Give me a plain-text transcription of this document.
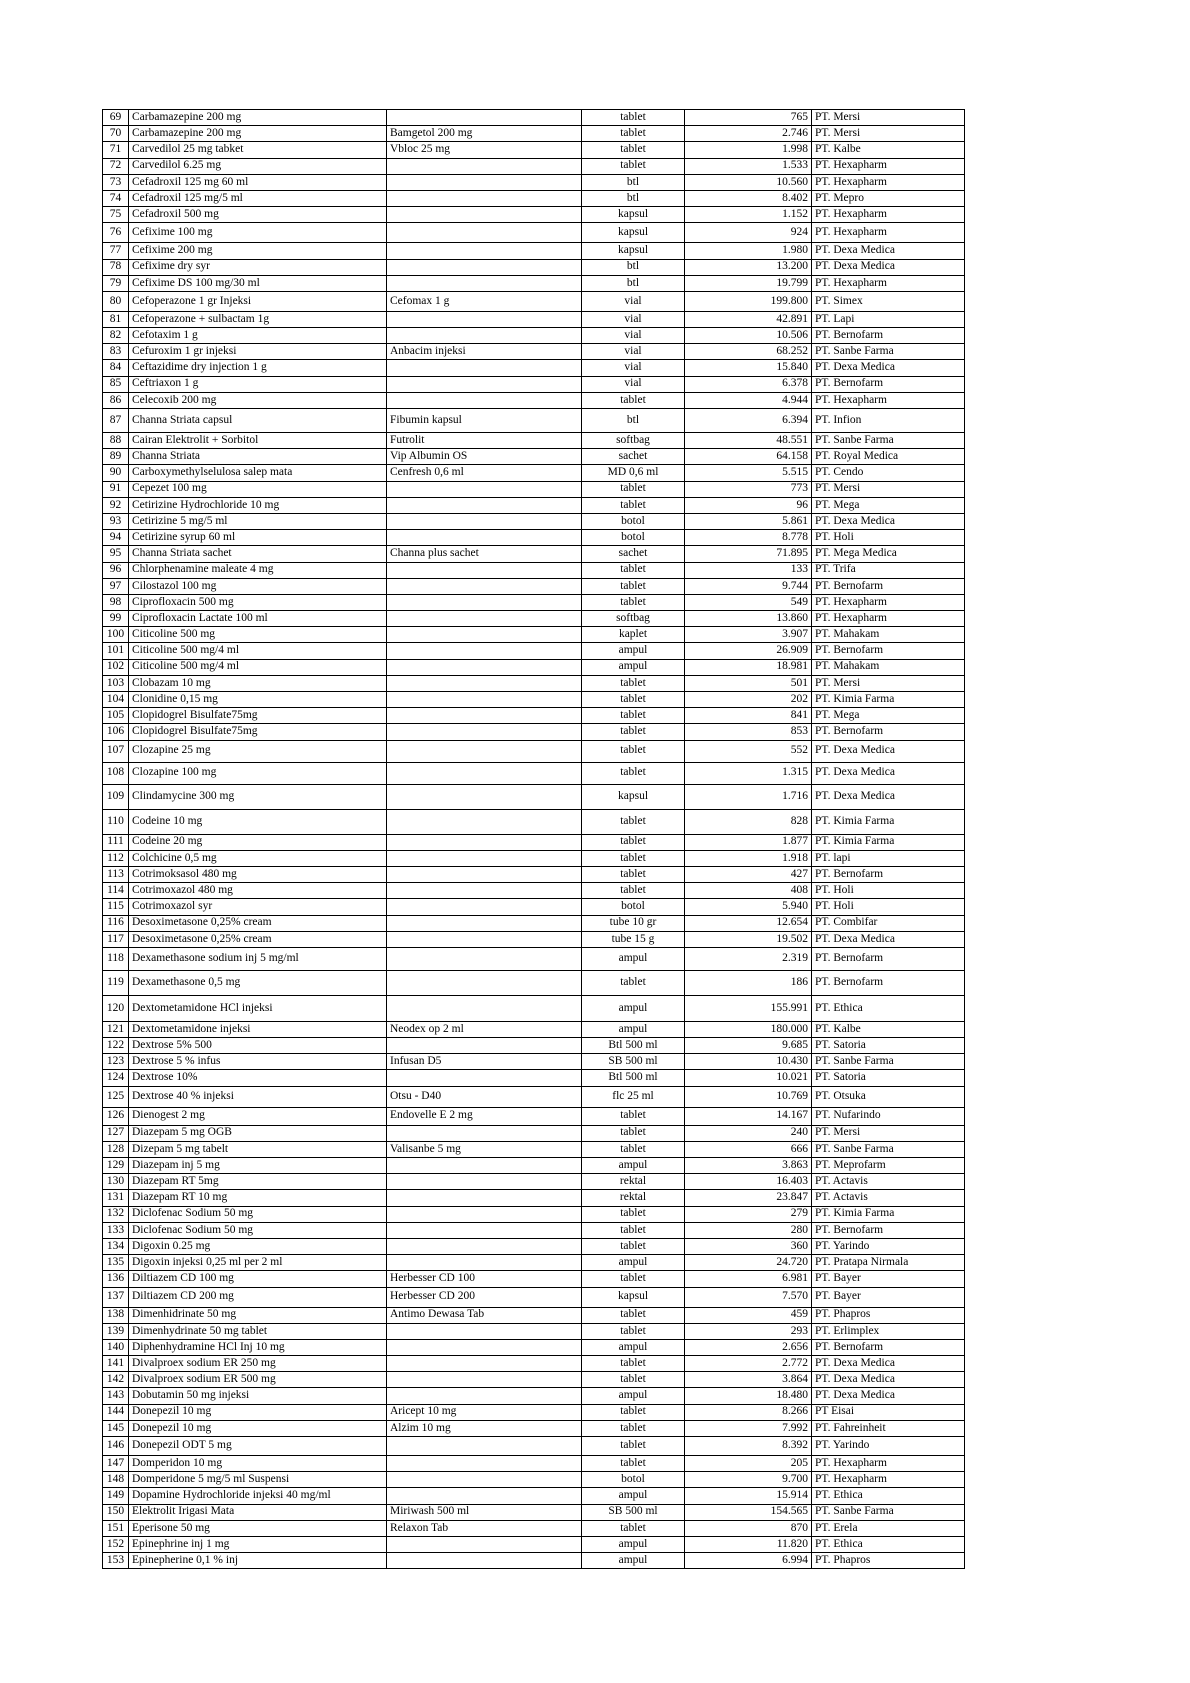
69	Carbamazepine 200 mg		tablet	765	PT. Mersi
70	Carbamazepine 200 mg	Bamgetol 200 mg	tablet	2.746	PT. Mersi
71	Carvedilol 25 mg tabket	Vbloc 25 mg	tablet	1.998	PT. Kalbe
72	Carvedilol 6.25 mg		tablet	1.533	PT. Hexapharm
73	Cefadroxil 125 mg 60 ml		btl	10.560	PT. Hexapharm
74	Cefadroxil 125 mg/5 ml		btl	8.402	PT. Mepro
75	Cefadroxil 500 mg		kapsul	1.152	PT. Hexapharm
76	Cefixime 100 mg		kapsul	924	PT. Hexapharm
77	Cefixime 200 mg		kapsul	1.980	PT. Dexa Medica
78	Cefixime dry syr		btl	13.200	PT. Dexa Medica
79	Cefixime DS 100 mg/30 ml		btl	19.799	PT. Hexapharm
80	Cefoperazone 1 gr Injeksi	Cefomax 1 g	vial	199.800	PT. Simex
81	Cefoperazone + sulbactam 1g		vial	42.891	PT. Lapi
82	Cefotaxim 1 g		vial	10.506	PT. Bernofarm
83	Cefuroxim 1 gr injeksi	Anbacim injeksi	vial	68.252	PT. Sanbe Farma
84	Ceftazidime dry injection 1 g		vial	15.840	PT. Dexa Medica
85	Ceftriaxon 1 g		vial	6.378	PT. Bernofarm
86	Celecoxib 200 mg		tablet	4.944	PT. Hexapharm
87	Channa Striata capsul	Fibumin kapsul	btl	6.394	PT. Infion
88	Cairan Elektrolit + Sorbitol	Futrolit	softbag	48.551	PT. Sanbe Farma
89	Channa Striata	Vip Albumin OS	sachet	64.158	PT. Royal Medica
90	Carboxymethylselulosa salep mata	Cenfresh 0,6 ml	MD 0,6 ml	5.515	PT. Cendo
91	Cepezet 100 mg		tablet	773	PT. Mersi
92	Cetirizine Hydrochloride 10 mg		tablet	96	PT. Mega
93	Cetirizine 5 mg/5 ml		botol	5.861	PT. Dexa Medica
94	Cetirizine syrup 60 ml		botol	8.778	PT. Holi
95	Channa Striata sachet	Channa plus sachet	sachet	71.895	PT. Mega Medica
96	Chlorphenamine maleate 4 mg		tablet	133	PT. Trifa
97	Cilostazol 100 mg		tablet	9.744	PT. Bernofarm
98	Ciprofloxacin 500 mg		tablet	549	PT. Hexapharm
99	Ciprofloxacin Lactate 100 ml		softbag	13.860	PT. Hexapharm
100	Citicoline 500 mg		kaplet	3.907	PT. Mahakam
101	Citicoline 500 mg/4 ml		ampul	26.909	PT. Bernofarm
102	Citicoline 500 mg/4 ml		ampul	18.981	PT. Mahakam
103	Clobazam 10 mg		tablet	501	PT. Mersi
104	Clonidine 0,15 mg		tablet	202	PT. Kimia Farma
105	Clopidogrel Bisulfate75mg		tablet	841	PT. Mega
106	Clopidogrel Bisulfate75mg		tablet	853	PT. Bernofarm
107	Clozapine 25 mg		tablet	552	PT. Dexa Medica
108	Clozapine 100 mg		tablet	1.315	PT. Dexa Medica
109	Clindamycine 300 mg		kapsul	1.716	PT. Dexa Medica
110	Codeine 10 mg		tablet	828	PT. Kimia Farma
111	Codeine 20 mg		tablet	1.877	PT. Kimia Farma
112	Colchicine 0,5 mg		tablet	1.918	PT. lapi
113	Cotrimoksasol 480 mg		tablet	427	PT. Bernofarm
114	Cotrimoxazol 480 mg		tablet	408	PT. Holi
115	Cotrimoxazol syr		botol	5.940	PT. Holi
116	Desoximetasone 0,25% cream		tube 10 gr	12.654	PT. Combifar
117	Desoximetasone 0,25% cream		tube 15 g	19.502	PT. Dexa Medica
118	Dexamethasone sodium inj 5 mg/ml		ampul	2.319	PT. Bernofarm
119	Dexamethasone 0,5 mg		tablet	186	PT. Bernofarm
120	Dextometamidone HCl injeksi		ampul	155.991	PT. Ethica
121	Dextometamidone injeksi	Neodex op 2 ml	ampul	180.000	PT. Kalbe
122	Dextrose 5% 500		Btl 500 ml	9.685	PT. Satoria
123	Dextrose 5 % infus	Infusan D5	SB 500 ml	10.430	PT. Sanbe Farma
124	Dextrose 10%		Btl 500 ml	10.021	PT. Satoria
125	Dextrose 40 % injeksi	Otsu - D40	flc 25 ml	10.769	PT. Otsuka
126	Dienogest 2 mg	Endovelle E 2 mg	tablet	14.167	PT. Nufarindo
127	Diazepam 5 mg OGB		tablet	240	PT. Mersi
128	Dizepam 5 mg tabelt	Valisanbe 5 mg	tablet	666	PT. Sanbe Farma
129	Diazepam inj 5 mg		ampul	3.863	PT. Meprofarm
130	Diazepam RT 5mg		rektal	16.403	PT. Actavis
131	Diazepam RT 10 mg		rektal	23.847	PT. Actavis
132	Diclofenac Sodium 50 mg		tablet	279	PT. Kimia Farma
133	Diclofenac Sodium 50 mg		tablet	280	PT. Bernofarm
134	Digoxin 0.25 mg		tablet	360	PT. Yarindo
135	Digoxin injeksi 0,25 ml per 2 ml		ampul	24.720	PT. Pratapa Nirmala
136	Diltiazem CD 100 mg	Herbesser CD 100	tablet	6.981	PT. Bayer
137	Diltiazem CD 200 mg	Herbesser CD 200	kapsul	7.570	PT. Bayer
138	Dimenhidrinate 50 mg	Antimo Dewasa Tab	tablet	459	PT. Phapros
139	Dimenhydrinate 50 mg tablet		tablet	293	PT. Erlimplex
140	Diphenhydramine HCl Inj 10 mg		ampul	2.656	PT. Bernofarm
141	Divalproex sodium ER 250 mg		tablet	2.772	PT. Dexa Medica
142	Divalproex sodium ER 500 mg		tablet	3.864	PT. Dexa Medica
143	Dobutamin 50 mg injeksi		ampul	18.480	PT. Dexa Medica
144	Donepezil 10 mg	Aricept 10 mg	tablet	8.266	PT Eisai
145	Donepezil 10 mg	Alzim 10 mg	tablet	7.992	PT. Fahreinheit
146	Donepezil ODT 5 mg		tablet	8.392	PT. Yarindo
147	Domperidon 10 mg		tablet	205	PT. Hexapharm
148	Domperidone 5 mg/5 ml Suspensi		botol	9.700	PT. Hexapharm
149	Dopamine Hydrochloride injeksi 40 mg/ml		ampul	15.914	PT. Ethica
150	Elektrolit Irigasi Mata	Miriwash 500 ml	SB 500 ml	154.565	PT. Sanbe Farma
151	Eperisone 50 mg	Relaxon Tab	tablet	870	PT. Erela
152	Epinephrine inj 1 mg		ampul	11.820	PT. Ethica
153	Epinepherine 0,1 % inj		ampul	6.994	PT. Phapros
